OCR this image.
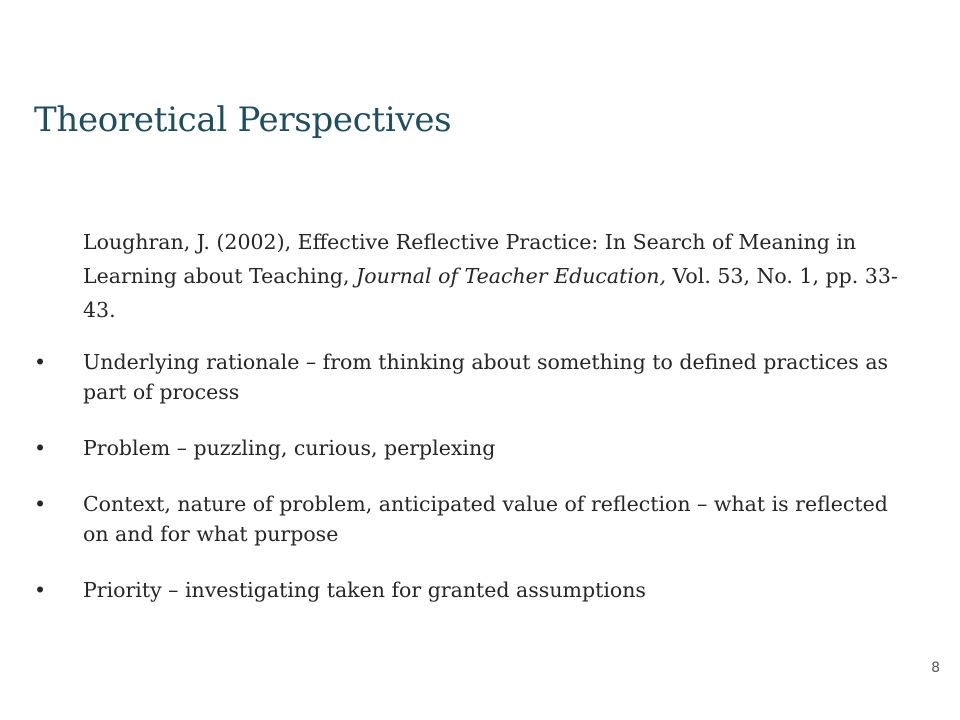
Theoretical Perspectives

Loughran, J. (2002), Effective Reflective Practice: In Search of Meaning in Learning about Teaching, Journal of Teacher Education, Vol. 53, No. 1, pp. 33-43.

• Underlying rationale – from thinking about something to defined practices as part of process
• Problem – puzzling, curious, perplexing
• Context, nature of problem, anticipated value of reflection – what is reflected on and for what purpose
• Priority – investigating taken for granted assumptions
8
